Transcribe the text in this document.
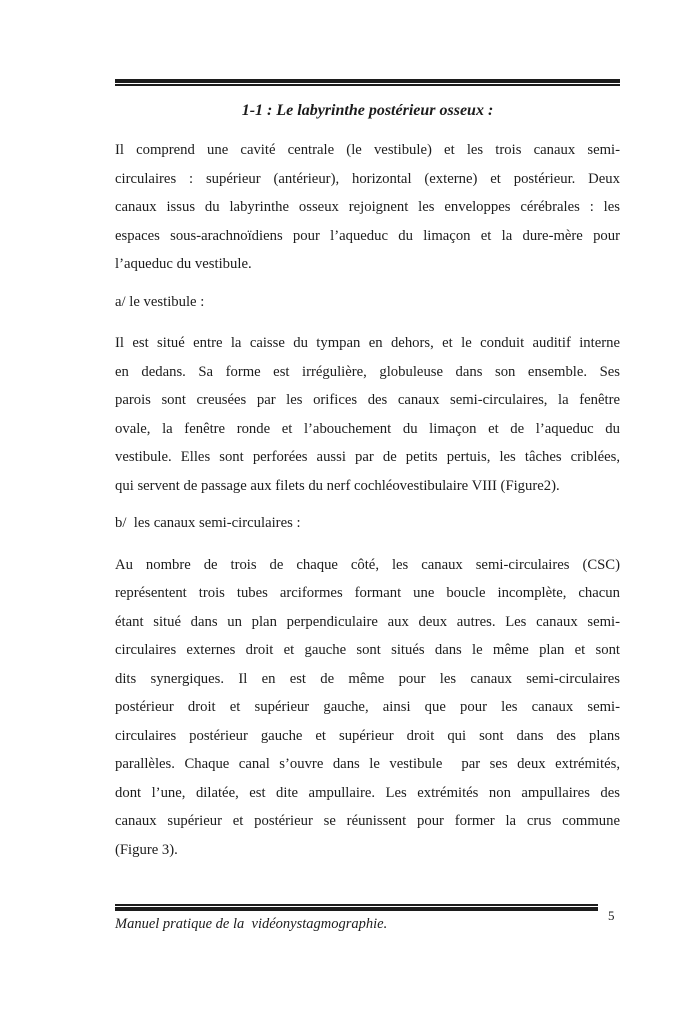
1-1 : Le labyrinthe postérieur osseux :
Il comprend une cavité centrale (le vestibule) et les trois canaux semi-
circulaires : supérieur (antérieur), horizontal (externe) et postérieur. Deux
canaux issus du labyrinthe osseux rejoignent les enveloppes cérébrales : les
espaces sous-arachnoïdiens pour l’aqueduc du limaçon et la dure-mère pour
l’aqueduc du vestibule.
a/ le vestibule :
Il est situé entre la caisse du tympan en dehors, et le conduit auditif interne
en dedans. Sa forme est irrégulière, globuleuse dans son ensemble. Ses
parois sont creusées par les orifices des canaux semi-circulaires, la fenêtre
ovale, la fenêtre ronde et l’abouchement du limaçon et de l’aqueduc du
vestibule. Elles sont perforées aussi par de petits pertuis, les tâches criblées,
qui servent de passage aux filets du nerf cochléovestibulaire VIII (Figure2).
b/  les canaux semi-circulaires :
Au nombre de trois de chaque côté, les canaux semi-circulaires (CSC)
représentent trois tubes arciformes formant une boucle incomplète, chacun
étant situé dans un plan perpendiculaire aux deux autres. Les canaux semi-
circulaires externes droit et gauche sont situés dans le même plan et sont
dits synergiques. Il en est de même pour les canaux semi-circulaires
postérieur droit et supérieur gauche, ainsi que pour les canaux semi-
circulaires postérieur gauche et supérieur droit qui sont dans des plans
parallèles. Chaque canal s’ouvre dans le vestibule  par ses deux extrémités,
dont l’une, dilatée, est dite ampullaire. Les extrémités non ampullaires des
canaux supérieur et postérieur se réunissent pour former la crus commune
(Figure 3).
Manuel pratique de la  vidéonystagmographie.
5
